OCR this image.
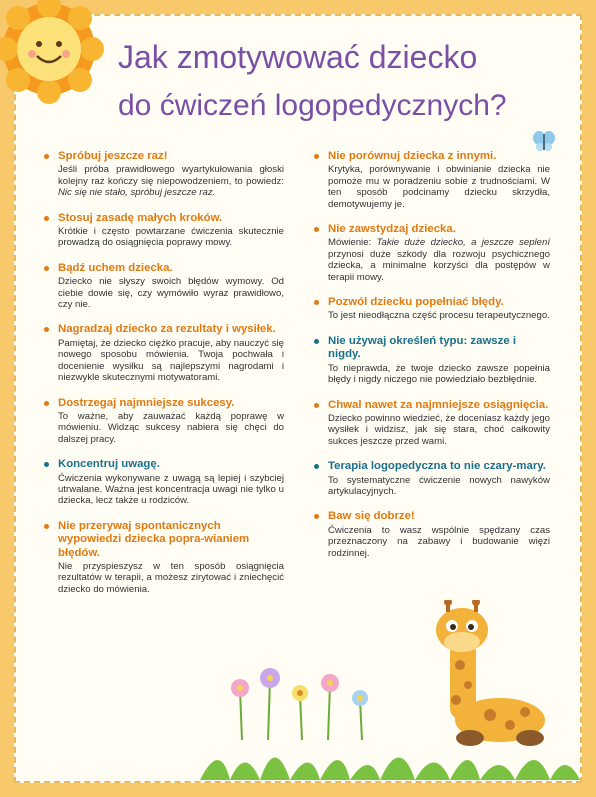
Jak zmotywować dziecko
do ćwiczeń logopedycznych?
Spróbuj jeszcze raz!
Jeśli próba prawidłowego wyartykułowania głoski kolejny raz kończy się niepowodzeniem, to powiedz: Nic się nie stało, spróbuj jeszcze raz.
Stosuj zasadę małych kroków.
Krótkie i często powtarzane ćwiczenia skutecznie prowadzą do osiągnięcia poprawy mowy.
Bądź uchem dziecka.
Dziecko nie słyszy swoich błędów wymowy. Od ciebie dowie się, czy wymówiło wyraz prawidłowo, czy nie.
Nagradzaj dziecko za rezultaty i wysiłek.
Pamiętaj, że dziecko ciężko pracuje, aby nauczyć się nowego sposobu mówienia. Twoja pochwała i docenienie wysiłku są najlepszymi nagrodami i niezwykle skutecznymi motywatorami.
Dostrzegaj najmniejsze sukcesy.
To ważne, aby zauważać każdą poprawę w mówieniu. Widząc sukcesy nabiera się chęci do dalszej pracy.
Koncentruj uwagę.
Ćwiczenia wykonywane z uwagą są lepiej i szybciej utrwalane. Ważna jest koncentracja uwagi nie tylko u dziecka, lecz także u rodziców.
Nie przerywaj spontanicznych wypowiedzi dziecka popra-wianiem błędów.
Nie przyspieszysz w ten sposób osiągnięcia rezultatów w terapii, a możesz zirytować i zniechęcić dziecko do mówienia.
Nie porównuj dziecka z innymi.
Krytyka, porównywanie i obwinianie dziecka nie pomoże mu w poradzeniu sobie z trudnościami. W ten sposób podcinamy dziecku skrzydła, demotywujemy je.
Nie zawstydzaj dziecka.
Mówienie: Takie duże dziecko, a jeszcze seplení przynosi duże szkody dla rozwoju psychicznego dziecka, a minimalne korzyści dla postępów w terapii mowy.
Pozwól dziecku popełniać błędy.
To jest nieodłączna część procesu terapeutycznego.
Nie używaj określeń typu: zawsze i nigdy.
To nieprawda, że twoje dziecko zawsze popełnia błędy i nigdy niczego nie powiedziało bezbłędnie.
Chwal nawet za najmniejsze osiągnięcia.
Dziecko powinno wiedzieć, że doceniasz każdy jego wysiłek i widzisz, jak się stara, choć całkowity sukces jeszcze przed wami.
Terapia logopedyczna to nie czary-mary.
To systematyczne ćwiczenie nowych nawyków artykulacyjnych.
Baw się dobrze!
Ćwiczenia to wasz wspólnie spędzany czas przeznaczony na zabawy i budowanie więzi rodzinnej.
